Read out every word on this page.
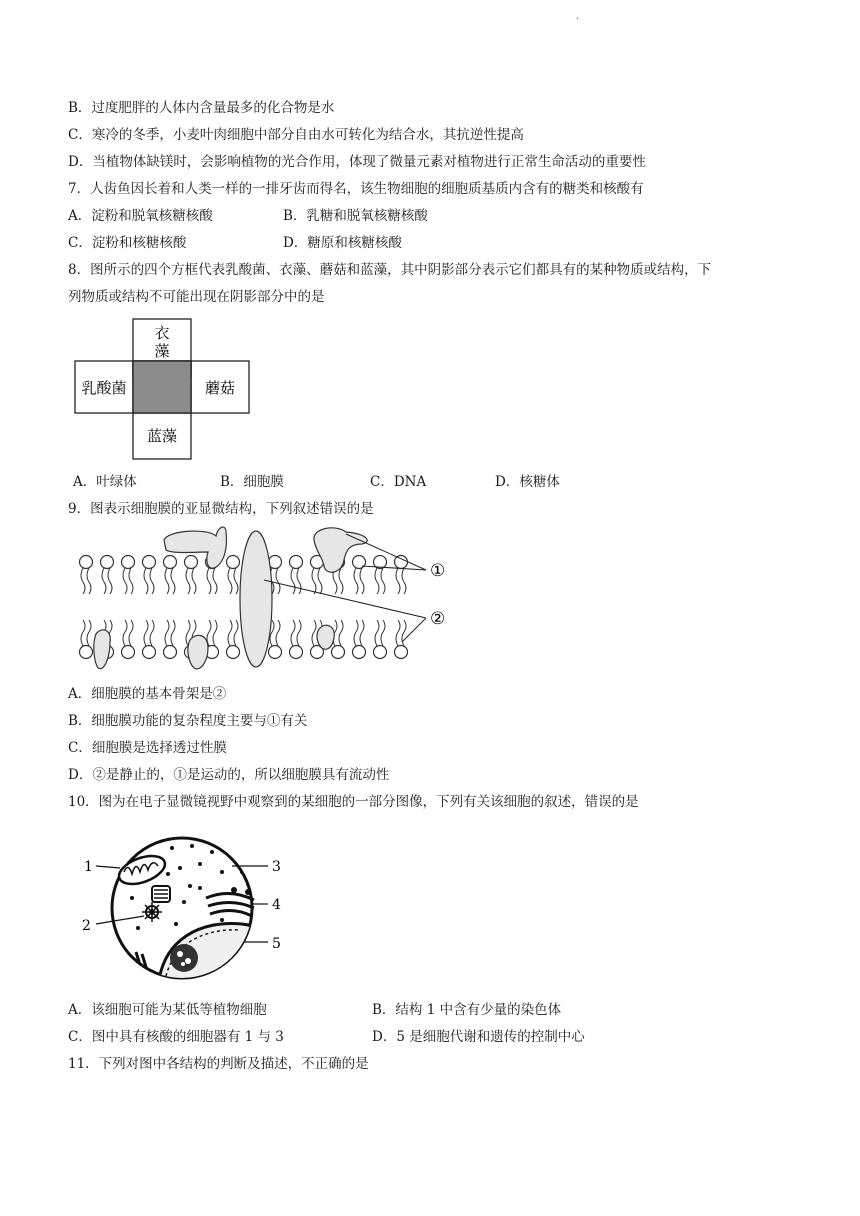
·
B．过度肥胖的人体内含量最多的化合物是水
C．寒冷的冬季，小麦叶肉细胞中部分自由水可转化为结合水，其抗逆性提高
D．当植物体缺镁时，会影响植物的光合作用，体现了微量元素对植物进行正常生命活动的重要性
7．人齿鱼因长着和人类一样的一排牙齿而得名，该生物细胞的细胞质基质内含有的糖类和核酸有
A．淀粉和脱氧核糖核酸	B．乳糖和脱氧核糖核酸
C．淀粉和核糖核酸	D．糖原和核糖核酸
8．图所示的四个方框代表乳酸菌、衣藻、蘑菇和蓝藻，其中阴影部分表示它们都具有的某种物质或结构，下
列物质或结构不可能出现在阴影部分中的是
衣
藻
乳酸菌	蘑菇
蓝藻
A．叶绿体	B．细胞膜	C．DNA	D．核糖体
9．图表示细胞膜的亚显微结构，下列叙述错误的是
①
②
A．细胞膜的基本骨架是②
B．细胞膜功能的复杂程度主要与①有关
C．细胞膜是选择透过性膜
D．②是静止的，①是运动的，所以细胞膜具有流动性
10．图为在电子显微镜视野中观察到的某细胞的一部分图像，下列有关该细胞的叙述，错误的是
1
2
3
4
5
A．该细胞可能为某低等植物细胞	B．结构 1 中含有少量的染色体
C．图中具有核酸的细胞器有 1 与 3	D．5 是细胞代谢和遗传的控制中心
11．下列对图中各结构的判断及描述，不正确的是
